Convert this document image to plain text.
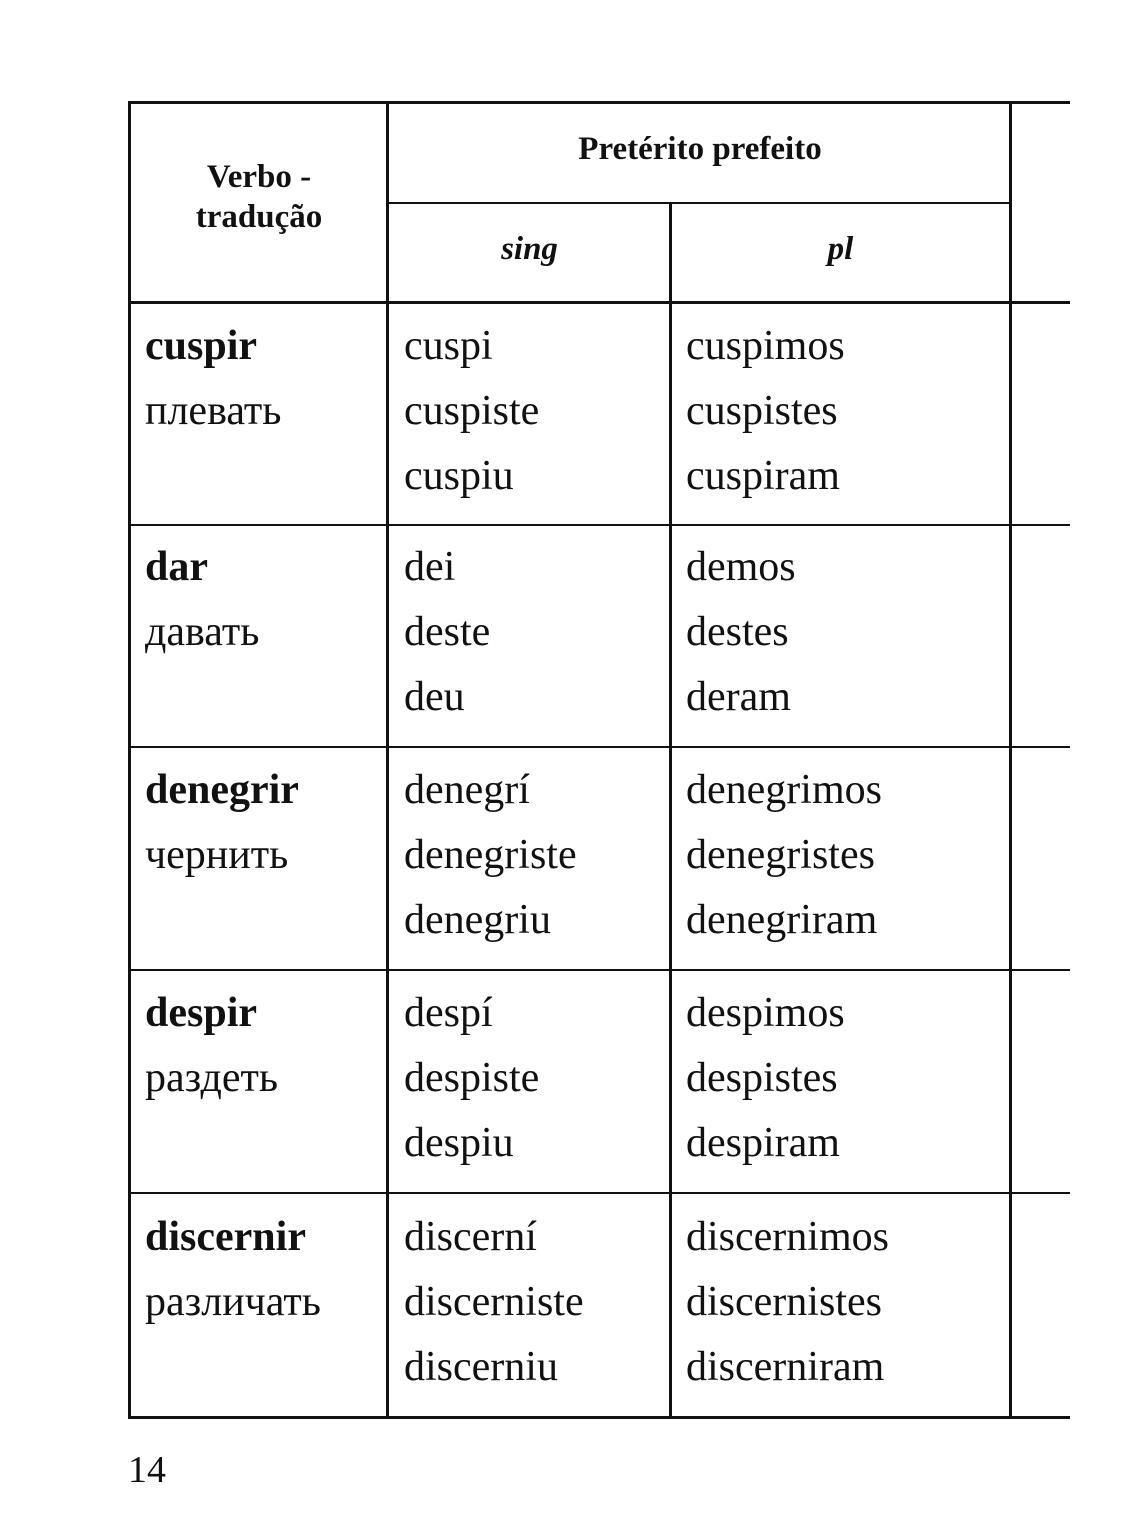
Verbo -
tradução
Pretérito prefeito
sing	pl
cuspir
плевать
cuspi
cuspiste
cuspiu
cuspimos
cuspistes
cuspiram
dar
давать
dei
deste
deu
demos
destes
deram
denegrir
чернить
denegrí
denegriste
denegriu
denegrimos
denegristes
denegriram
despir
раздеть
despí
despiste
despiu
despimos
despistes
despiram
discernir
различать
discerní
discerniste
discerniu
discernimos
discernistes
discerniram
14
